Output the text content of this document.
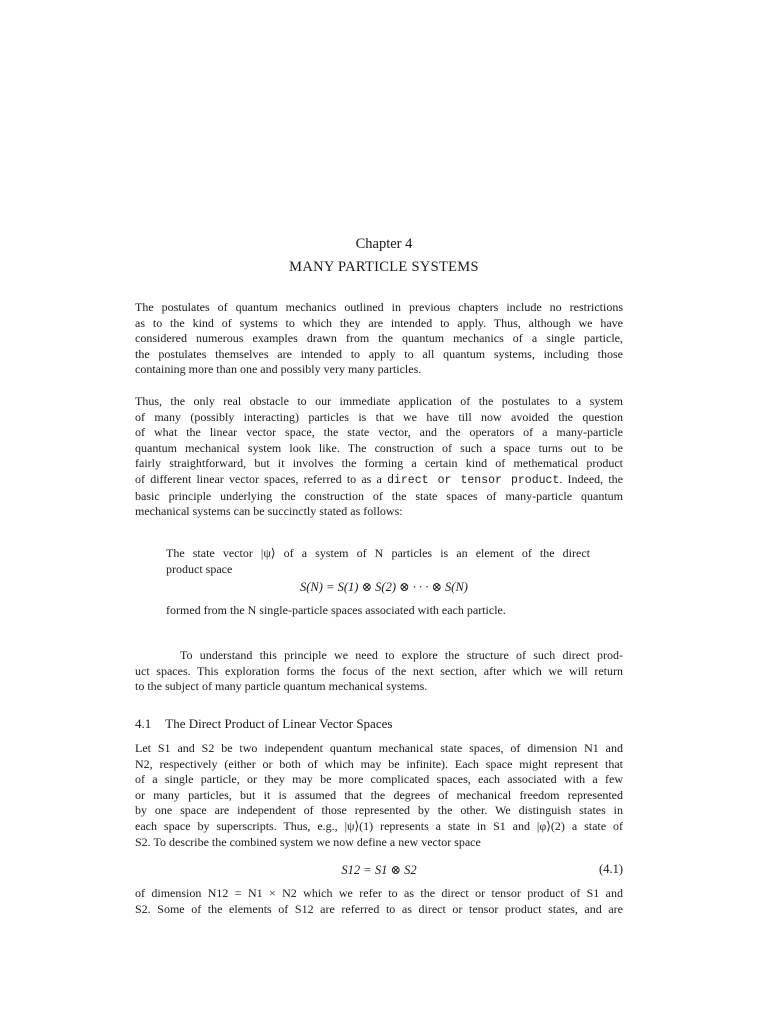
Chapter 4
MANY PARTICLE SYSTEMS
The postulates of quantum mechanics outlined in previous chapters include no restrictions
as to the kind of systems to which they are intended to apply. Thus, although we have
considered numerous examples drawn from the quantum mechanics of a single particle,
the postulates themselves are intended to apply to all quantum systems, including those
containing more than one and possibly very many particles.
Thus, the only real obstacle to our immediate application of the postulates to a system
of many (possibly interacting) particles is that we have till now avoided the question
of what the linear vector space, the state vector, and the operators of a many-particle
quantum mechanical system look like. The construction of such a space turns out to be
fairly straightforward, but it involves the forming a certain kind of methematical product
of different linear vector spaces, referred to as a direct or tensor product. Indeed, the
basic principle underlying the construction of the state spaces of many-particle quantum
mechanical systems can be succinctly stated as follows:
The state vector |ψ⟩ of a system of N particles is an element of the direct
product space
S(N) = S(1) ⊗ S(2) ⊗ · · · ⊗ S(N)
formed from the N single-particle spaces associated with each particle.
To understand this principle we need to explore the structure of such direct prod-
uct spaces. This exploration forms the focus of the next section, after which we will return
to the subject of many particle quantum mechanical systems.
4.1 The Direct Product of Linear Vector Spaces
Let S1 and S2 be two independent quantum mechanical state spaces, of dimension N1 and
N2, respectively (either or both of which may be infinite). Each space might represent that
of a single particle, or they may be more complicated spaces, each associated with a few
or many particles, but it is assumed that the degrees of mechanical freedom represented
by one space are independent of those represented by the other. We distinguish states in
each space by superscripts. Thus, e.g., |ψ⟩(1) represents a state in S1 and |φ⟩(2) a state of
S2. To describe the combined system we now define a new vector space
S12 = S1 ⊗ S2	(4.1)
of dimension N12 = N1 × N2 which we refer to as the direct or tensor product of S1 and
S2. Some of the elements of S12 are referred to as direct or tensor product states, and are
